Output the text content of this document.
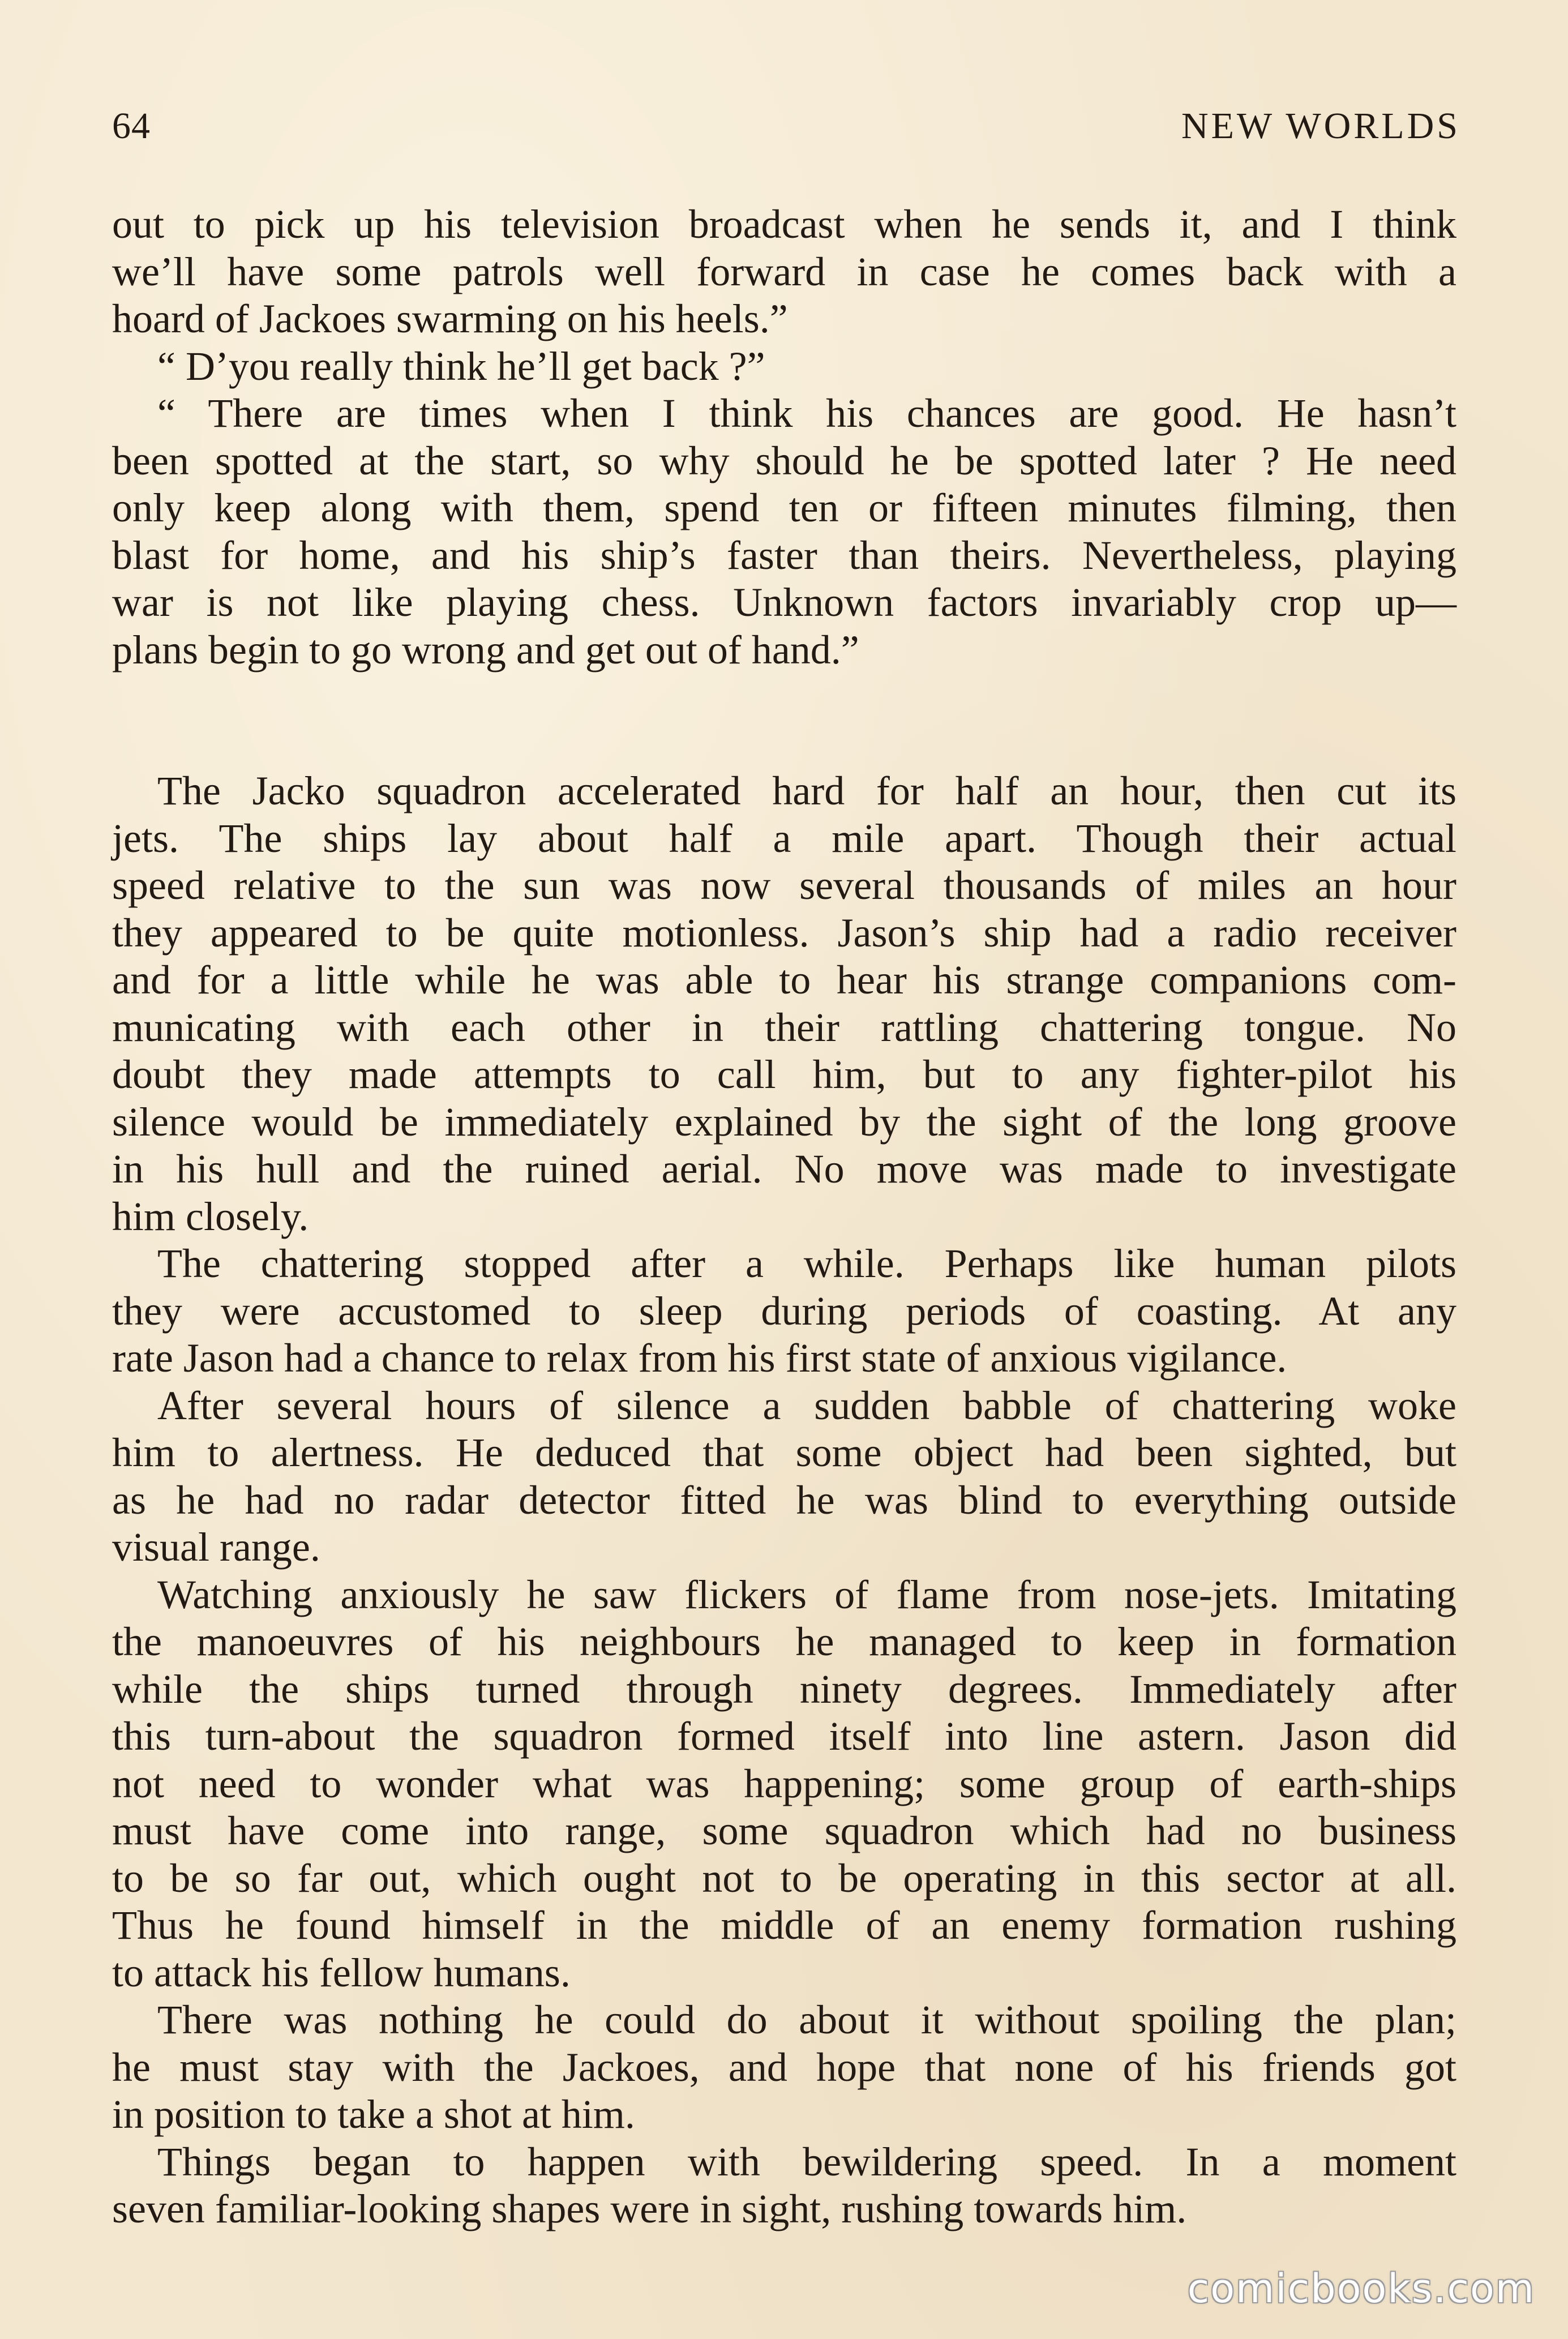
64	NEW WORLDS
out to pick up his television broadcast when he sends it, and I think
we’ll have some patrols well forward in case he comes back with a
hoard of Jackoes swarming on his heels.”
“ D’you really think he’ll get back ?”
“ There are times when I think his chances are good. He hasn’t
been spotted at the start, so why should he be spotted later ? He need
only keep along with them, spend ten or fifteen minutes filming, then
blast for home, and his ship’s faster than theirs. Nevertheless, playing
war is not like playing chess. Unknown factors invariably crop up—
plans begin to go wrong and get out of hand.”
The Jacko squadron accelerated hard for half an hour, then cut its
jets. The ships lay about half a mile apart. Though their actual
speed relative to the sun was now several thousands of miles an hour
they appeared to be quite motionless. Jason’s ship had a radio receiver
and for a little while he was able to hear his strange companions com-
municating with each other in their rattling chattering tongue. No
doubt they made attempts to call him, but to any fighter-pilot his
silence would be immediately explained by the sight of the long groove
in his hull and the ruined aerial. No move was made to investigate
him closely.
The chattering stopped after a while. Perhaps like human pilots
they were accustomed to sleep during periods of coasting. At any
rate Jason had a chance to relax from his first state of anxious vigilance.
After several hours of silence a sudden babble of chattering woke
him to alertness. He deduced that some object had been sighted, but
as he had no radar detector fitted he was blind to everything outside
visual range.
Watching anxiously he saw flickers of flame from nose-jets. Imitating
the manoeuvres of his neighbours he managed to keep in formation
while the ships turned through ninety degrees. Immediately after
this turn-about the squadron formed itself into line astern. Jason did
not need to wonder what was happening; some group of earth-ships
must have come into range, some squadron which had no business
to be so far out, which ought not to be operating in this sector at all.
Thus he found himself in the middle of an enemy formation rushing
to attack his fellow humans.
There was nothing he could do about it without spoiling the plan;
he must stay with the Jackoes, and hope that none of his friends got
in position to take a shot at him.
Things began to happen with bewildering speed. In a moment
seven familiar-looking shapes were in sight, rushing towards him.
comicbooks.com
